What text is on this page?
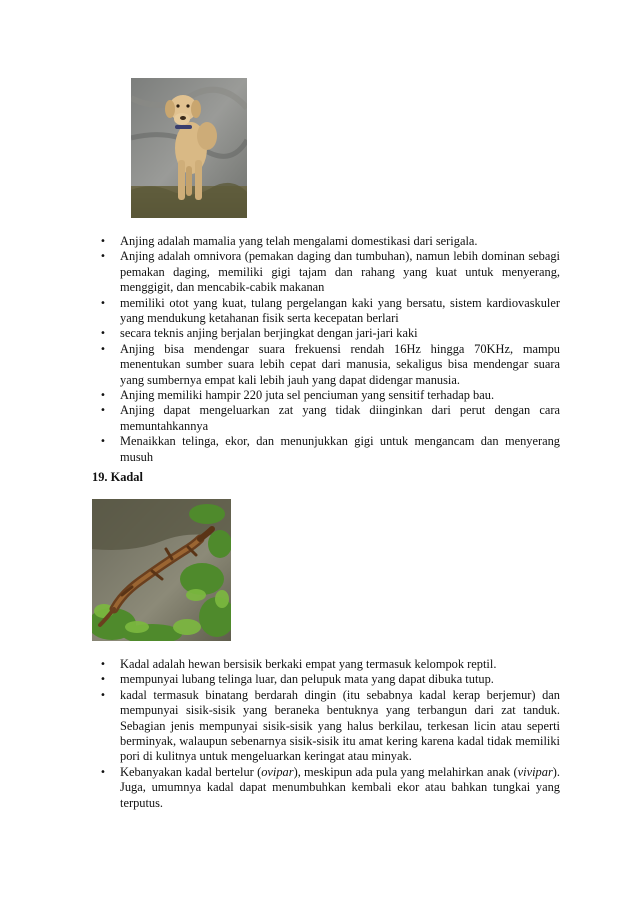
• Anjing adalah mamalia yang telah mengalami domestikasi dari serigala.
• Anjing adalah omnivora (pemakan daging dan tumbuhan), namun lebih dominan sebagi pemakan daging, memiliki gigi tajam dan rahang yang kuat untuk menyerang, menggigit, dan mencabik-cabik makanan
• memiliki otot yang kuat, tulang pergelangan kaki yang bersatu, sistem kardiovaskuler yang mendukung ketahanan fisik serta kecepatan berlari
• secara teknis anjing berjalan berjingkat dengan jari-jari kaki
• Anjing bisa mendengar suara frekuensi rendah 16Hz hingga 70KHz, mampu menentukan sumber suara lebih cepat dari manusia, sekaligus bisa mendengar suara yang sumbernya empat kali lebih jauh yang dapat didengar manusia.
• Anjing memiliki hampir 220 juta sel penciuman yang sensitif terhadap bau.
• Anjing dapat mengeluarkan zat yang tidak diinginkan dari perut dengan cara memuntahkannya
• Menaikkan telinga, ekor, dan menunjukkan gigi untuk mengancam dan menyerang musuh
19. Kadal
• Kadal adalah hewan bersisik berkaki empat yang termasuk kelompok reptil.
• mempunyai lubang telinga luar, dan pelupuk mata yang dapat dibuka tutup.
• kadal termasuk binatang berdarah dingin (itu sebabnya kadal kerap berjemur) dan mempunyai sisik-sisik yang beraneka bentuknya yang terbangun dari zat tanduk. Sebagian jenis mempunyai sisik-sisik yang halus berkilau, terkesan licin atau seperti berminyak, walaupun sebenarnya sisik-sisik itu amat kering karena kadal tidak memiliki pori di kulitnya untuk mengeluarkan keringat atau minyak.
• Kebanyakan kadal bertelur (ovipar), meskipun ada pula yang melahirkan anak (vivipar). Juga, umumnya kadal dapat menumbuhkan kembali ekor atau bahkan tungkai yang terputus.
